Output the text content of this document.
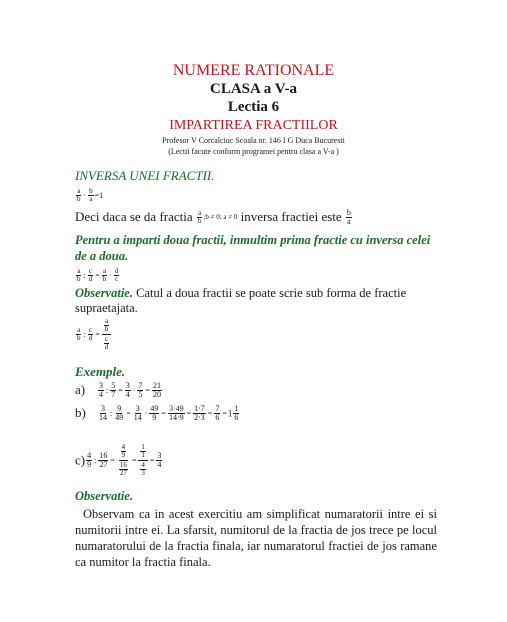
NUMERE RATIONALE
CLASA a V-a
Lectia 6
IMPARTIREA FRACTIILOR
Profesor V Corcalciuc Scoala nr. 146 I G Duca Bucuresti
(Lectii facute conform programei pentru clasa a V-a )
INVERSA UNEI FRACTII.
$\frac{a}{b} \cdot \frac{b}{a} =1$
Deci daca se da fractia $\frac{a}{b}$ ;b ≠ 0; a ≠ 0 inversa fractiei este $\frac{b}{a}$
Pentru a imparti doua fractii, inmultim prima fractie cu inversa celei de a doua.
$\frac{a}{b}$ : $\frac{c}{d} = \frac{a}{b} \cdot \frac{d}{c}$
Observatie. Catul a doua fractii se poate scrie sub forma de fractie
supraetajata.
$\frac{a}{b}$ : $\frac{c}{d} = \frac{\frac{a}{b}}{\frac{c}{d}}$
Exemple.
$a) \frac{3}{4}$ : $\frac{5}{7} = \frac{3}{4} \cdot \frac{7}{5} = \frac{21}{20}$
$b) \frac{3}{14}$ : $\frac{9}{49} = \frac{3}{14} \cdot \frac{49}{9} = \frac{3\cdot 49}{14\cdot 9} = \frac{1\cdot 7}{2\cdot 3} = \frac{7}{6} =1 \frac{1}{6}$
$c) \frac{4}{9}$ : $\frac{16}{27} = \frac{\frac{4}{9}}{\frac{16}{27}} = \frac{\frac{1}{1}}{\frac{4}{3}} = \frac{3}{4}$
Observatie.
Observam ca in acest exercitiu am simplificat numaratorii intre ei si numitorii intre ei. La sfarsit, numitorul de la fractia de jos trece pe locul numaratorului de la fractia finala, iar numaratorul fractiei de jos ramane ca numitor la fractia finala.
